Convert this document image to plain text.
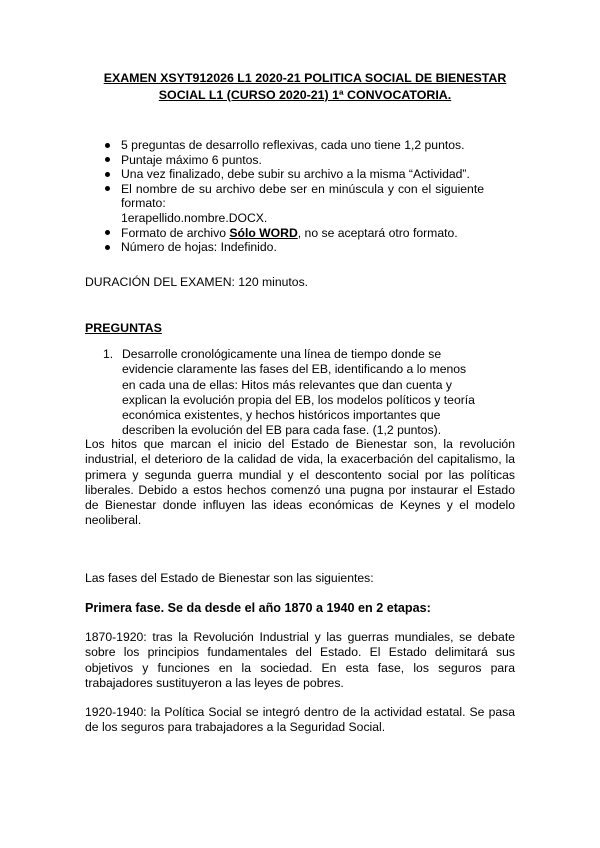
EXAMEN XSYT912026 L1 2020-21 POLITICA SOCIAL DE BIENESTAR
SOCIAL L1 (CURSO 2020-21) 1ª CONVOCATORIA.
5 preguntas de desarrollo reflexivas, cada uno tiene 1,2 puntos.
Puntaje máximo 6 puntos.
Una vez finalizado, debe subir su archivo a la misma “Actividad”.
El nombre de su archivo debe ser en minúscula y con el siguiente formato:
1erapellido.nombre.DOCX.
Formato de archivo Sólo WORD, no se aceptará otro formato.
Número de hojas: Indefinido.

DURACIÓN DEL EXAMEN: 120 minutos.

PREGUNTAS

1. Desarrolle cronológicamente una línea de tiempo donde se evidencie claramente las fases del EB, identificando a lo menos en cada una de ellas: Hitos más relevantes que dan cuenta y explican la evolución propia del EB, los modelos políticos y teoría económica existentes, y hechos históricos importantes que describen la evolución del EB para cada fase. (1,2 puntos).

Los hitos que marcan el inicio del Estado de Bienestar son, la revolución industrial, el deterioro de la calidad de vida, la exacerbación del capitalismo, la primera y segunda guerra mundial y el descontento social por las políticas liberales. Debido a estos hechos comenzó una pugna por instaurar el Estado de Bienestar donde influyen las ideas económicas de Keynes y el modelo neoliberal.

Las fases del Estado de Bienestar son las siguientes:

Primera fase. Se da desde el año 1870 a 1940 en 2 etapas:

1870-1920: tras la Revolución Industrial y las guerras mundiales, se debate sobre los principios fundamentales del Estado. El Estado delimitará sus objetivos y funciones en la sociedad. En esta fase, los seguros para trabajadores sustituyeron a las leyes de pobres.

1920-1940: la Política Social se integró dentro de la actividad estatal. Se pasa de los seguros para trabajadores a la Seguridad Social.
